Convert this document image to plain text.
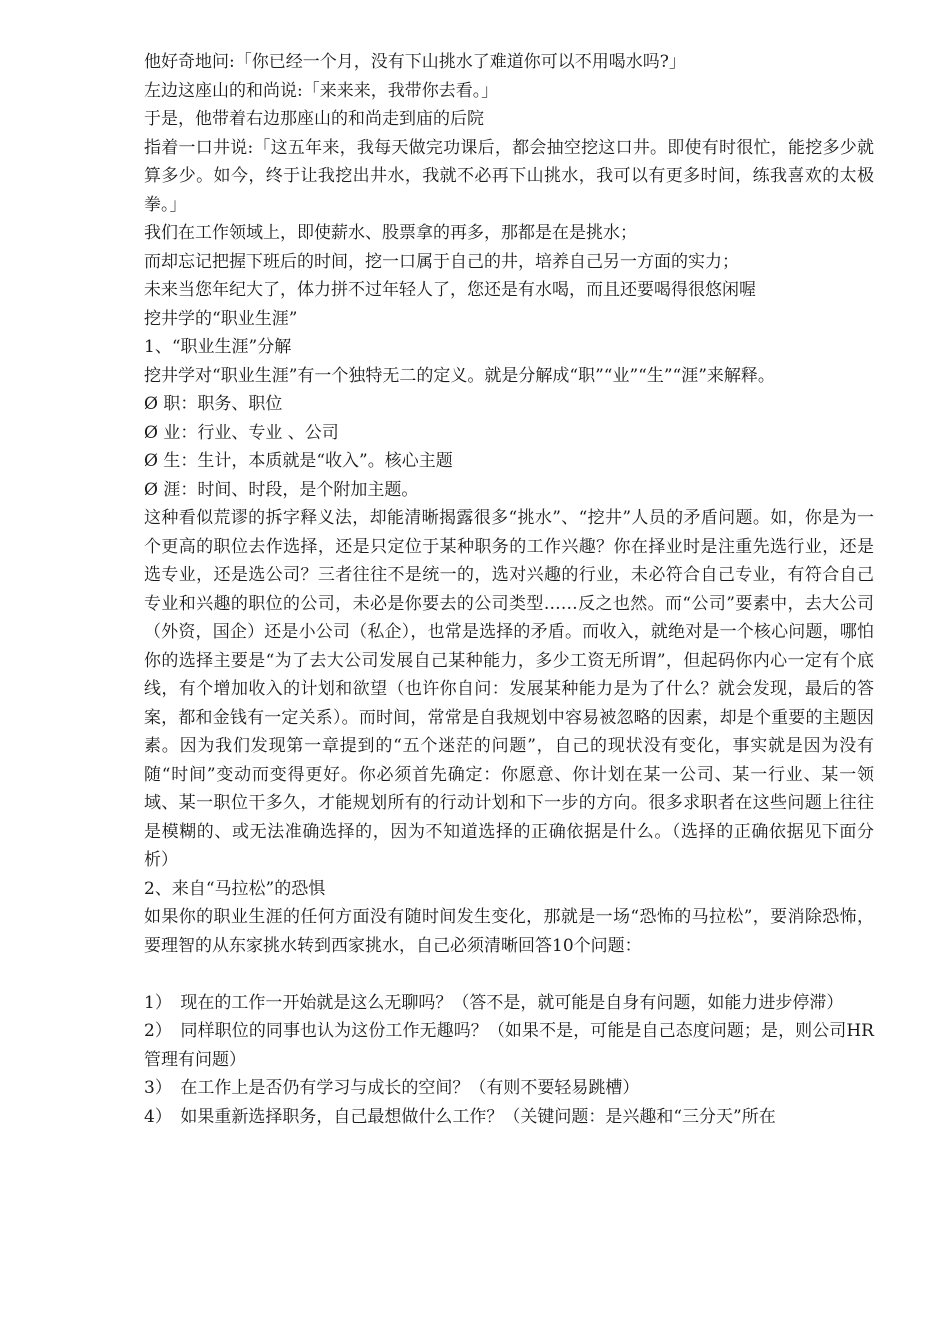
他好奇地问:「你已经一个月，没有下山挑水了难道你可以不用喝水吗?」

左边这座山的和尚说:「来来来，我带你去看。」

于是，他带着右边那座山的和尚走到庙的后院

指着一口井说:「这五年来，我每天做完功课后，都会抽空挖这口井。即使有时很忙，能挖多少就算多少。如今，终于让我挖出井水，我就不必再下山挑水，我可以有更多时间，练我喜欢的太极拳。」

我们在工作领域上，即使薪水、股票拿的再多，那都是在是挑水；

而却忘记把握下班后的时间，挖一口属于自己的井，培养自己另一方面的实力；

未来当您年纪大了，体力拼不过年轻人了，您还是有水喝，而且还要喝得很悠闲喔

挖井学的“职业生涯”

1、“职业生涯”分解

挖井学对“职业生涯”有一个独特无二的定义。就是分解成“职”“业”“生”“涯”来解释。

Ø 职：职务、职位

Ø 业：行业、专业 、公司

Ø 生：生计，本质就是“收入”。核心主题

Ø 涯：时间、时段，是个附加主题。

这种看似荒谬的拆字释义法，却能清晰揭露很多“挑水”、“挖井”人员的矛盾问题。如，你是为一个更高的职位去作选择，还是只定位于某种职务的工作兴趣？你在择业时是注重先选行业，还是选专业，还是选公司？三者往往不是统一的，选对兴趣的行业，未必符合自己专业，有符合自己专业和兴趣的职位的公司，未必是你要去的公司类型……反之也然。而“公司”要素中，去大公司（外资，国企）还是小公司（私企），也常是选择的矛盾。而收入，就绝对是一个核心问题，哪怕你的选择主要是“为了去大公司发展自己某种能力，多少工资无所谓”，但起码你内心一定有个底线，有个增加收入的计划和欲望（也许你自问：发展某种能力是为了什么？就会发现，最后的答案，都和金钱有一定关系）。而时间，常常是自我规划中容易被忽略的因素，却是个重要的主题因素。因为我们发现第一章提到的“五个迷茫的问题”，自己的现状没有变化，事实就是因为没有随“时间”变动而变得更好。你必须首先确定：你愿意、你计划在某一公司、某一行业、某一领域、某一职位干多久，才能规划所有的行动计划和下一步的方向。很多求职者在这些问题上往往是模糊的、或无法准确选择的，因为不知道选择的正确依据是什么。（选择的正确依据见下面分析）

2、来自“马拉松”的恐惧

如果你的职业生涯的任何方面没有随时间发生变化，那就是一场“恐怖的马拉松”，要消除恐怖，要理智的从东家挑水转到西家挑水，自己必须清晰回答10个问题：

1）　现在的工作一开始就是这么无聊吗？（答不是，就可能是自身有问题，如能力进步停滞）

2）　同样职位的同事也认为这份工作无趣吗？（如果不是，可能是自己态度问题；是，则公司HR管理有问题）

3）　在工作上是否仍有学习与成长的空间？（有则不要轻易跳槽）

4）　如果重新选择职务，自己最想做什么工作？（关键问题：是兴趣和“三分天”所在
